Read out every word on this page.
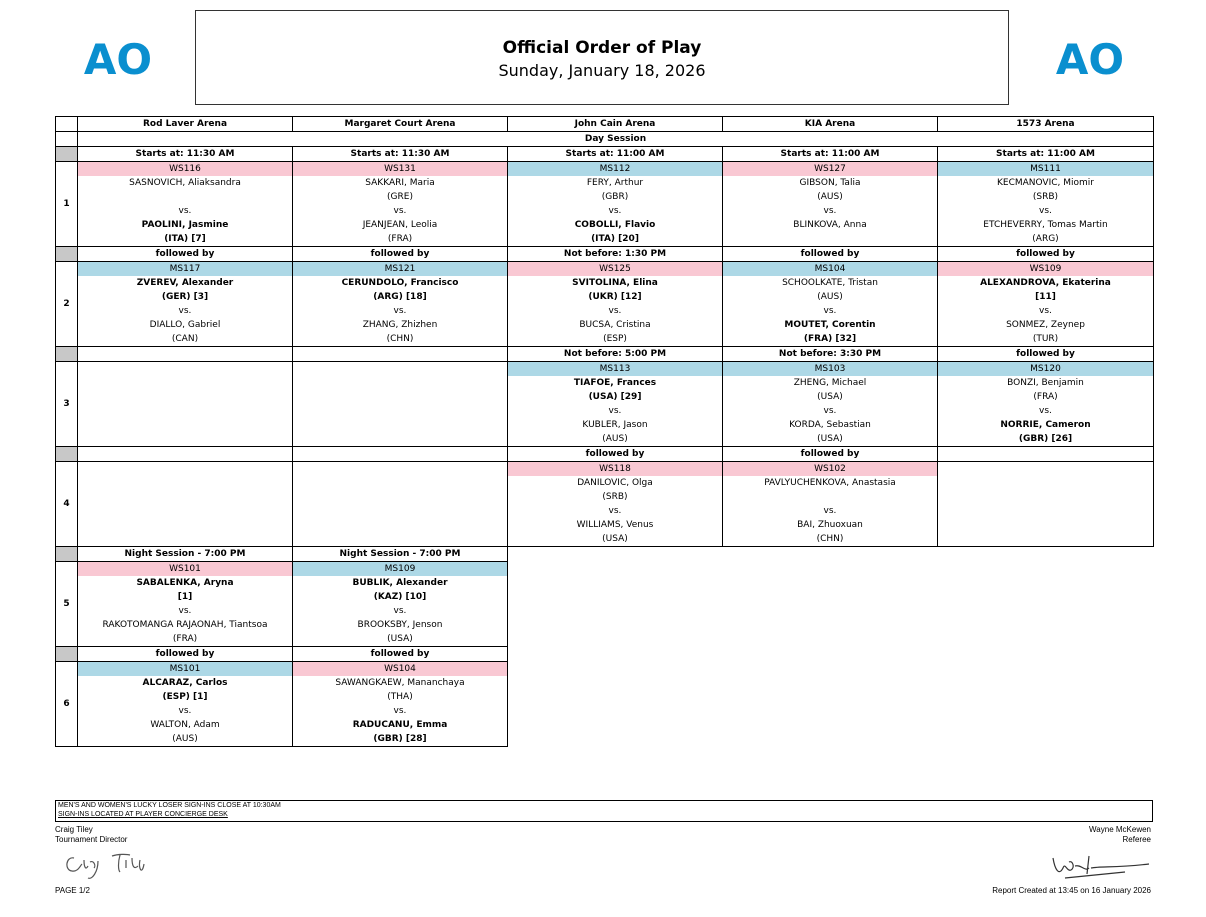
AO	AO
Official Order of Play
Sunday, January 18, 2026
	Rod Laver Arena	Margaret Court Arena	John Cain Arena	KIA Arena	1573 Arena
	Day Session				
	Starts at: 11:30 AM	Starts at: 11:30 AM	Starts at: 11:00 AM	Starts at: 11:00 AM	Starts at: 11:00 AM
1	WS116	WS131	MS112	WS127	MS111
	SASNOVICH, Aliaksandra	SAKKARI, Maria	FERY, Arthur	GIBSON, Talia	KECMANOVIC, Miomir
		(GRE)	(GBR)	(AUS)	(SRB)
	vs.	vs.	vs.	vs.	vs.
	PAOLINI, Jasmine	JEANJEAN, Leolia	COBOLLI, Flavio	BLINKOVA, Anna	ETCHEVERRY, Tomas Martin
	(ITA) [7]	(FRA)	(ITA) [20]		(ARG)
	followed by	followed by	Not before: 1:30 PM	followed by	followed by
2	MS117	MS121	WS125	MS104	WS109
	ZVEREV, Alexander	CERUNDOLO, Francisco	SVITOLINA, Elina	SCHOOLKATE, Tristan	ALEXANDROVA, Ekaterina
	(GER) [3]	(ARG) [18]	(UKR) [12]	(AUS)	[11]
	vs.	vs.	vs.	vs.	vs.
	DIALLO, Gabriel	ZHANG, Zhizhen	BUCSA, Cristina	MOUTET, Corentin	SONMEZ, Zeynep
	(CAN)	(CHN)	(ESP)	(FRA) [32]	(TUR)
			Not before: 5:00 PM	Not before: 3:30 PM	followed by
3			MS113	MS103	MS120
			TIAFOE, Frances	ZHENG, Michael	BONZI, Benjamin
			(USA) [29]	(USA)	(FRA)
			vs.	vs.	vs.
			KUBLER, Jason	KORDA, Sebastian	NORRIE, Cameron
			(AUS)	(USA)	(GBR) [26]
			followed by	followed by	
4			WS118	WS102	
			DANILOVIC, Olga	PAVLYUCHENKOVA, Anastasia	
			(SRB)		
			vs.	vs.	
			WILLIAMS, Venus	BAI, Zhuoxuan	
			(USA)	(CHN)	
	Night Session - 7:00 PM	Night Session - 7:00 PM			
5	WS101	MS109			
	SABALENKA, Aryna	BUBLIK, Alexander			
	[1]	(KAZ) [10]			
	vs.	vs.			
	RAKOTOMANGA RAJAONAH, Tiantsoa	BROOKSBY, Jenson			
	(FRA)	(USA)			
	followed by	followed by			
6	MS101	WS104			
	ALCARAZ, Carlos	SAWANGKAEW, Mananchaya			
	(ESP) [1]	(THA)			
	vs.	vs.			
	WALTON, Adam	RADUCANU, Emma			
	(AUS)	(GBR) [28]			
MEN'S AND WOMEN'S LUCKY LOSER SIGN-INS CLOSE AT 10:30AM
SIGN-INS LOCATED AT PLAYER CONCIERGE DESK
Craig Tiley
Tournament Director
Wayne McKewen
Referee
PAGE 1/2	Report Created at 13:45 on 16 January 2026
